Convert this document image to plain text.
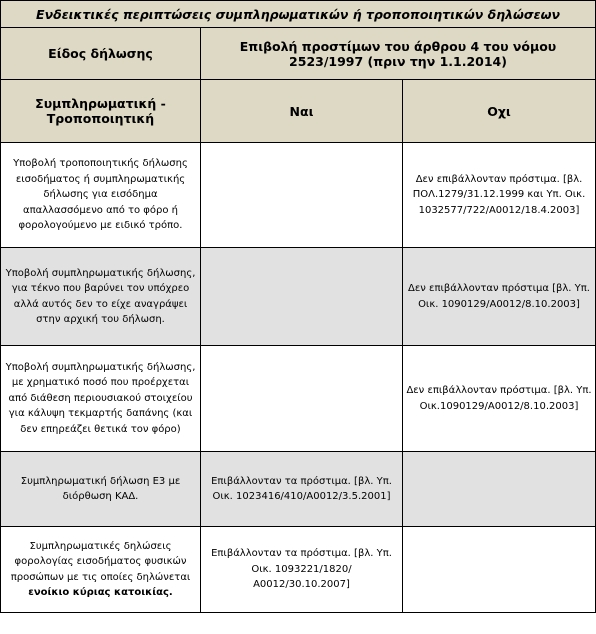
Ενδεικτικές περιπτώσεις συμπληρωματικών ή τροποποιητικών δηλώσεων		
Είδος δήλωσης	Επιβολή προστίμων του άρθρου 4 του νόμου 2523/1997 (πριν την 1.1.2014)	
Συμπληρωματική - Τροποποιητική	Ναι	Οχι
Υποβολή τροποποιητικής δήλωσης εισοδήματος ή συμπληρωματικής δήλωσης για εισόδημα απαλλασσόμενο από το φόρο ή φορολογούμενο με ειδικό τρόπο.		Δεν επιβάλλονταν πρόστιμα. [βλ. ΠΟΛ.1279/31.12.1999 και Υπ. Οικ. 1032577/722/Α0012/18.4.2003]
Υποβολή συμπληρωματικής δήλωσης, για τέκνο που βαρύνει τον υπόχρεο αλλά αυτός δεν το είχε αναγράψει στην αρχική του δήλωση.		Δεν επιβάλλονταν πρόστιμα [βλ. Υπ. Οικ. 1090129/Α0012/8.10.2003]
Υποβολή συμπληρωματικής δήλωσης, με χρηματικό ποσό που προέρχεται από διάθεση περιουσιακού στοιχείου για κάλυψη τεκμαρτής δαπάνης (και δεν επηρεάζει θετικά τον φόρο)		Δεν επιβάλλονταν πρόστιμα. [βλ. Υπ. Οικ.1090129/Α0012/8.10.2003]
Συμπληρωματική δήλωση Ε3 με διόρθωση ΚΑΔ.	Επιβάλλονταν τα πρόστιμα. [βλ. Υπ. Οικ. 1023416/410/Α0012/3.5.2001]	
Συμπληρωματικές δηλώσεις φορολογίας εισοδήματος φυσικών προσώπων με τις οποίες δηλώνεται ενοίκιο κύριας κατοικίας.	Επιβάλλονταν τα πρόστιμα. [βλ. Υπ. Οικ. 1093221/1820/Α0012/30.10.2007]	
